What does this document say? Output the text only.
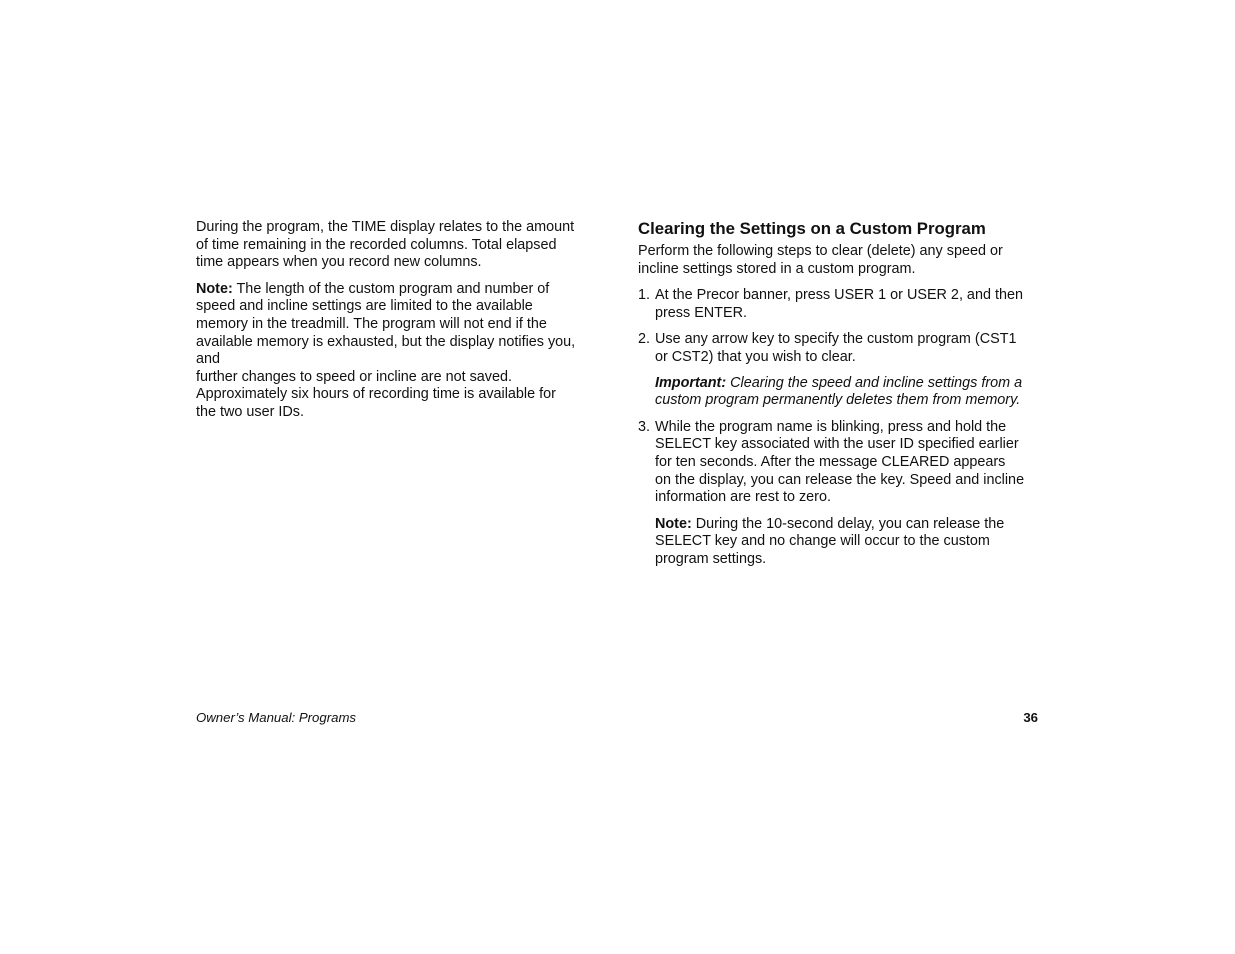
During the program, the TIME display relates to the amount
of time remaining in the recorded columns. Total elapsed
time appears when you record new columns.

Note: The length of the custom program and number of
speed and incline settings are limited to the available
memory in the treadmill. The program will not end if the
available memory is exhausted, but the display notifies you,
and
further changes to speed or incline are not saved.
Approximately six hours of recording time is available for
the two user IDs.

Clearing the Settings on a Custom Program

Perform the following steps to clear (delete) any speed or
incline settings stored in a custom program.

1. At the Precor banner, press USER 1 or USER 2, and then
press ENTER.
2. Use any arrow key to specify the custom program (CST1
or CST2) that you wish to clear.

Important: Clearing the speed and incline settings from a
custom program permanently deletes them from memory.

3. While the program name is blinking, press and hold the
SELECT key associated with the user ID specified earlier
for ten seconds. After the message CLEARED appears
on the display, you can release the key. Speed and incline
information are rest to zero.

Note: During the 10-second delay, you can release the
SELECT key and no change will occur to the custom
program settings.

Owner’s Manual: Programs	36
